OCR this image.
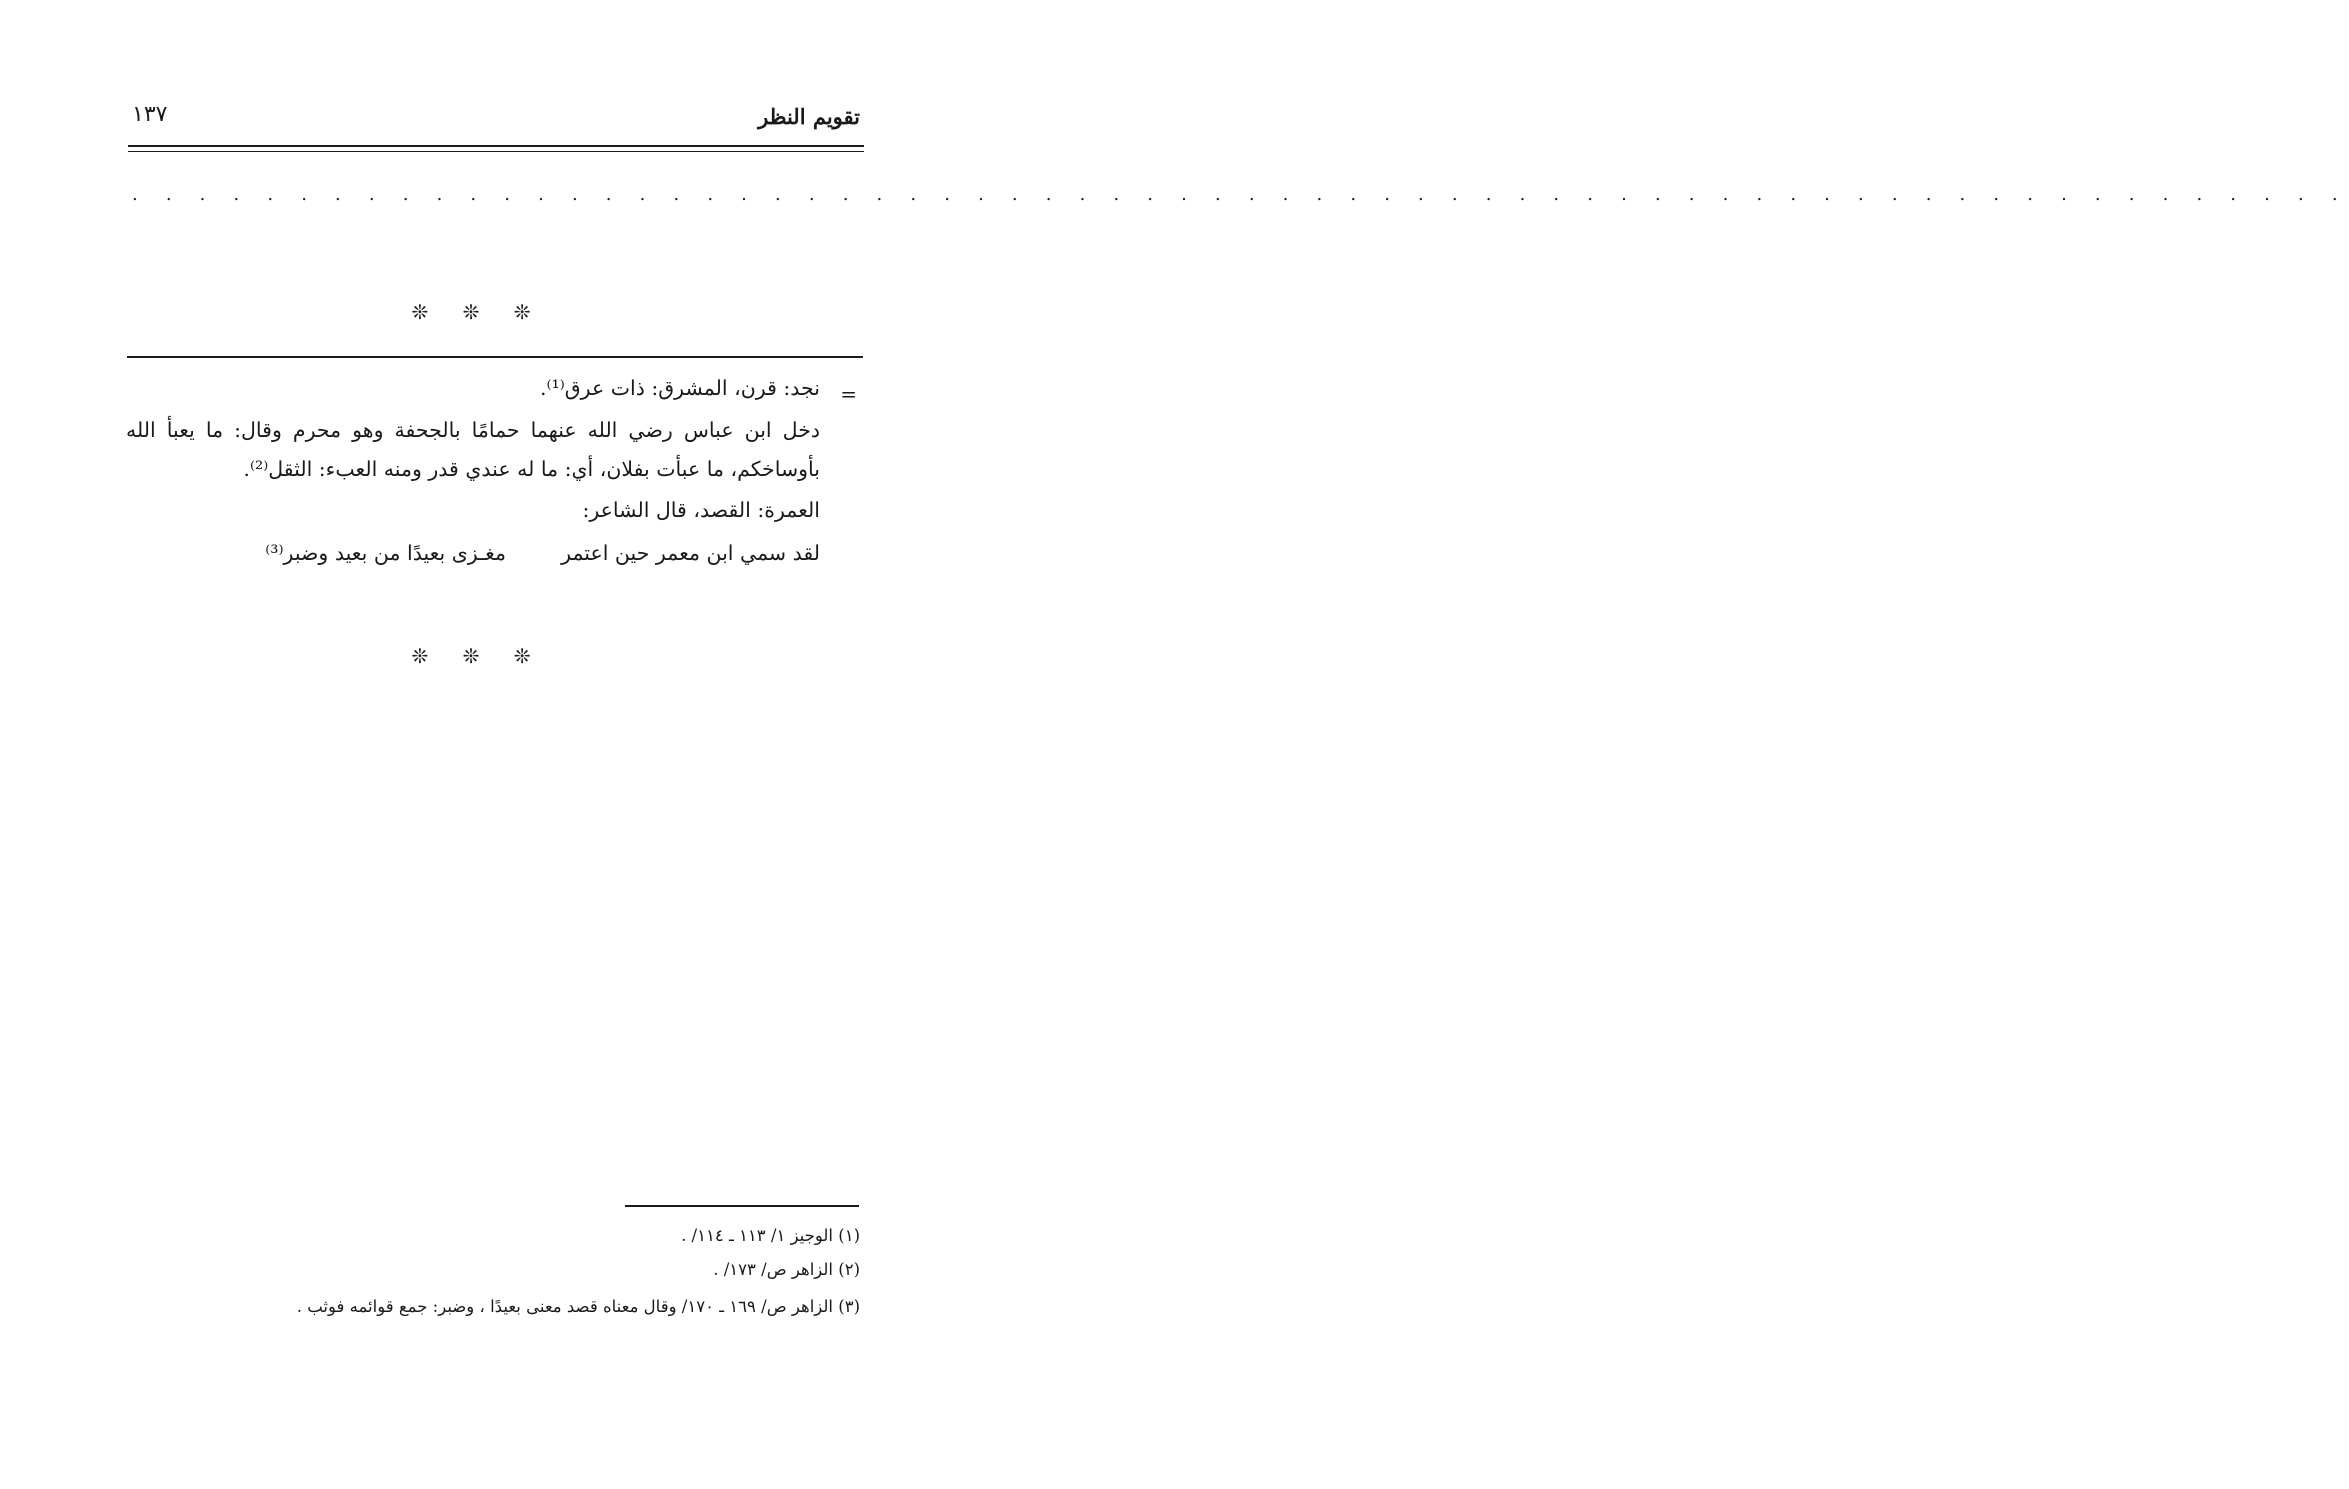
تقويم النظر
١٣٧
. . . . . . . . . . . . . . . . . . . . . . . . . . . . . . . . . . . . . . . . . . . . . . . . . . . . . . . . . . . . . . . . . .
❊ ❊ ❊
=
نجد: قرن، المشرق: ذات عرق⁽¹⁾.
دخل ابن عباس رضي الله عنهما حمامًا بالجحفة وهو محرم وقال: ما يعبأ الله
بأوساخكم، ما عبأت بفلان، أي: ما له عندي قدر ومنه العبء: الثقل⁽²⁾.
العمرة: القصد، قال الشاعر:
لقد سمي ابن معمر حين اعتمر
مغـزى بعيدًا من بعيد وضبر⁽³⁾
❊ ❊ ❊
(١) الوجيز ١/ ١١٣ ـ ١١٤/ .
(٢) الزاهر ص/ ١٧٣/ .
(٣) الزاهر ص/ ١٦٩ ـ ١٧٠/ وقال معناه قصد معنى بعيدًا ، وضبر: جمع قوائمه فوثب .
